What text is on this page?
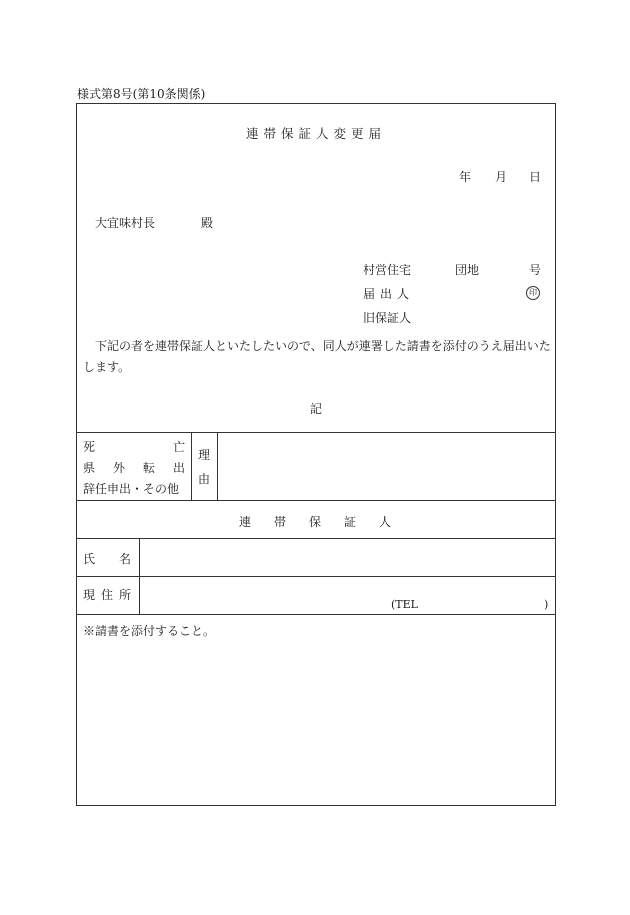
様式第8号(第10条関係)
連帯保証人変更届
年 月 日
大宜味村長	殿
村営住宅	団地	号
届 出 人	印
旧保証人
下記の者を連帯保証人といたしたいので、同人が連署した請書を添付のうえ届出いたします。
記
死	亡
県 外 転 出
辞任申出・その他
理
由
連 帯 保 証 人
氏 名
現 住 所
(TEL	)
※請書を添付すること。
